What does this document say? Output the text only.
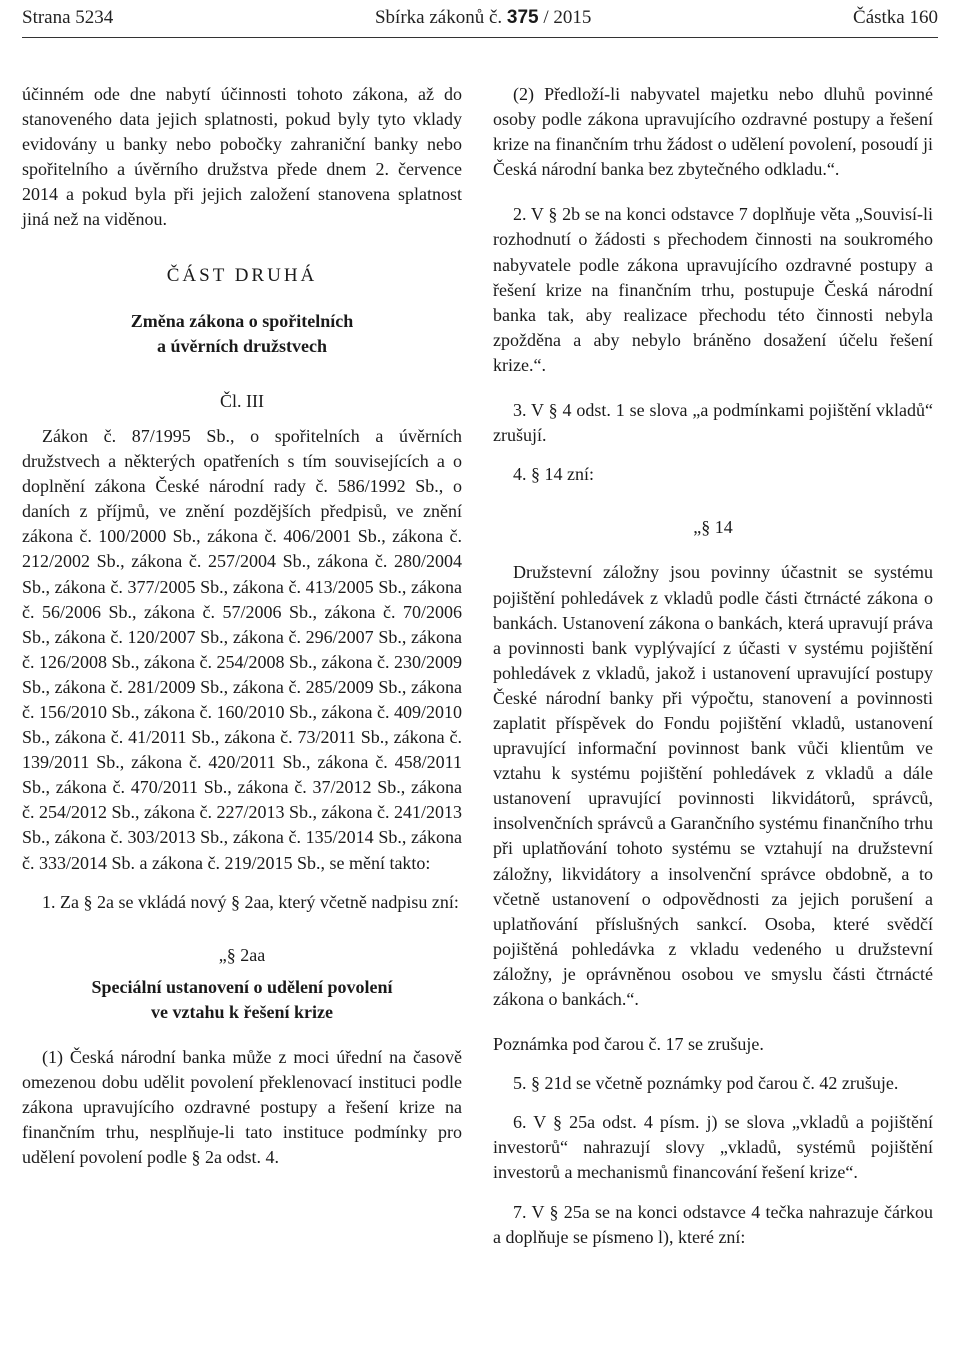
Strana 5234	Sbírka zákonů č. 375 / 2015	Částka 160

účinném ode dne nabytí účinnosti tohoto zákona, až do stanoveného data jejich splatnosti, pokud byly tyto vklady evidovány u banky nebo pobočky zahraniční banky nebo spořitelního a úvěrního družstva přede dnem 2. července 2014 a pokud byla při jejich založení stanovena splatnost jiná než na viděnou.

ČÁST DRUHÁ

Změna zákona o spořitelních

a úvěrních družstvech

Čl. III

Zákon č. 87/1995 Sb., o spořitelních a úvěrních družstvech a některých opatřeních s tím souvisejících a o doplnění zákona České národní rady č. 586/1992 Sb., o daních z příjmů, ve znění pozdějších předpisů, ve znění zákona č. 100/2000 Sb., zákona č. 406/2001 Sb., zákona č. 212/2002 Sb., zákona č. 257/2004 Sb., zákona č. 280/2004 Sb., zákona č. 377/2005 Sb., zákona č. 413/2005 Sb., zákona č. 56/2006 Sb., zákona č. 57/2006 Sb., zákona č. 70/2006 Sb., zákona č. 120/2007 Sb., zákona č. 296/2007 Sb., zákona č. 126/2008 Sb., zákona č. 254/2008 Sb., zákona č. 230/2009 Sb., zákona č. 281/2009 Sb., zákona č. 285/2009 Sb., zákona č. 156/2010 Sb., zákona č. 160/2010 Sb., zákona č. 409/2010 Sb., zákona č. 41/2011 Sb., zákona č. 73/2011 Sb., zákona č. 139/2011 Sb., zákona č. 420/2011 Sb., zákona č. 458/2011 Sb., zákona č. 470/2011 Sb., zákona č. 37/2012 Sb., zákona č. 254/2012 Sb., zákona č. 227/2013 Sb., zákona č. 241/2013 Sb., zákona č. 303/2013 Sb., zákona č. 135/2014 Sb., zákona č. 333/2014 Sb. a zákona č. 219/2015 Sb., se mění takto:

1. Za § 2a se vkládá nový § 2aa, který včetně nadpisu zní:

„§ 2aa

Speciální ustanovení o udělení povolení

ve vztahu k řešení krize

(1) Česká národní banka může z moci úřední na časově omezenou dobu udělit povolení překlenovací instituci podle zákona upravujícího ozdravné postupy a řešení krize na finančním trhu, nesplňuje-li tato instituce podmínky pro udělení povolení podle § 2a odst. 4.

(2) Předloží-li nabyvatel majetku nebo dluhů povinné osoby podle zákona upravujícího ozdravné postupy a řešení krize na finančním trhu žádost o udělení povolení, posoudí ji Česká národní banka bez zbytečného odkladu.“.

2. V § 2b se na konci odstavce 7 doplňuje věta „Souvisí-li rozhodnutí o žádosti s přechodem činnosti na soukromého nabyvatele podle zákona upravujícího ozdravné postupy a řešení krize na finančním trhu, postupuje Česká národní banka tak, aby realizace přechodu této činnosti nebyla zpožděna a aby nebylo bráněno dosažení účelu řešení krize.“.

3. V § 4 odst. 1 se slova „a podmínkami pojištění vkladů“ zrušují.

4. § 14 zní:

„§ 14

Družstevní záložny jsou povinny účastnit se systému pojištění pohledávek z vkladů podle části čtrnácté zákona o bankách. Ustanovení zákona o bankách, která upravují práva a povinnosti bank vyplývající z účasti v systému pojištění pohledávek z vkladů, jakož i ustanovení upravující postupy České národní banky při výpočtu, stanovení a povinnosti zaplatit příspěvek do Fondu pojištění vkladů, ustanovení upravující informační povinnost bank vůči klientům ve vztahu k systému pojištění pohledávek z vkladů a dále ustanovení upravující povinnosti likvidátorů, správců, insolvenčních správců a Garančního systému finančního trhu při uplatňování tohoto systému se vztahují na družstevní záložny, likvidátory a insolvenční správce obdobně, a to včetně ustanovení o odpovědnosti za jejich porušení a uplatňování příslušných sankcí. Osoba, které svědčí pojištěná pohledávka z vkladu vedeného u družstevní záložny, je oprávněnou osobou ve smyslu části čtrnácté zákona o bankách.“.

Poznámka pod čarou č. 17 se zrušuje.

5. § 21d se včetně poznámky pod čarou č. 42 zrušuje.

6. V § 25a odst. 4 písm. j) se slova „vkladů a pojištění investorů“ nahrazují slovy „vkladů, systémů pojištění investorů a mechanismů financování řešení krize“.

7. V § 25a se na konci odstavce 4 tečka nahrazuje čárkou a doplňuje se písmeno l), které zní:
